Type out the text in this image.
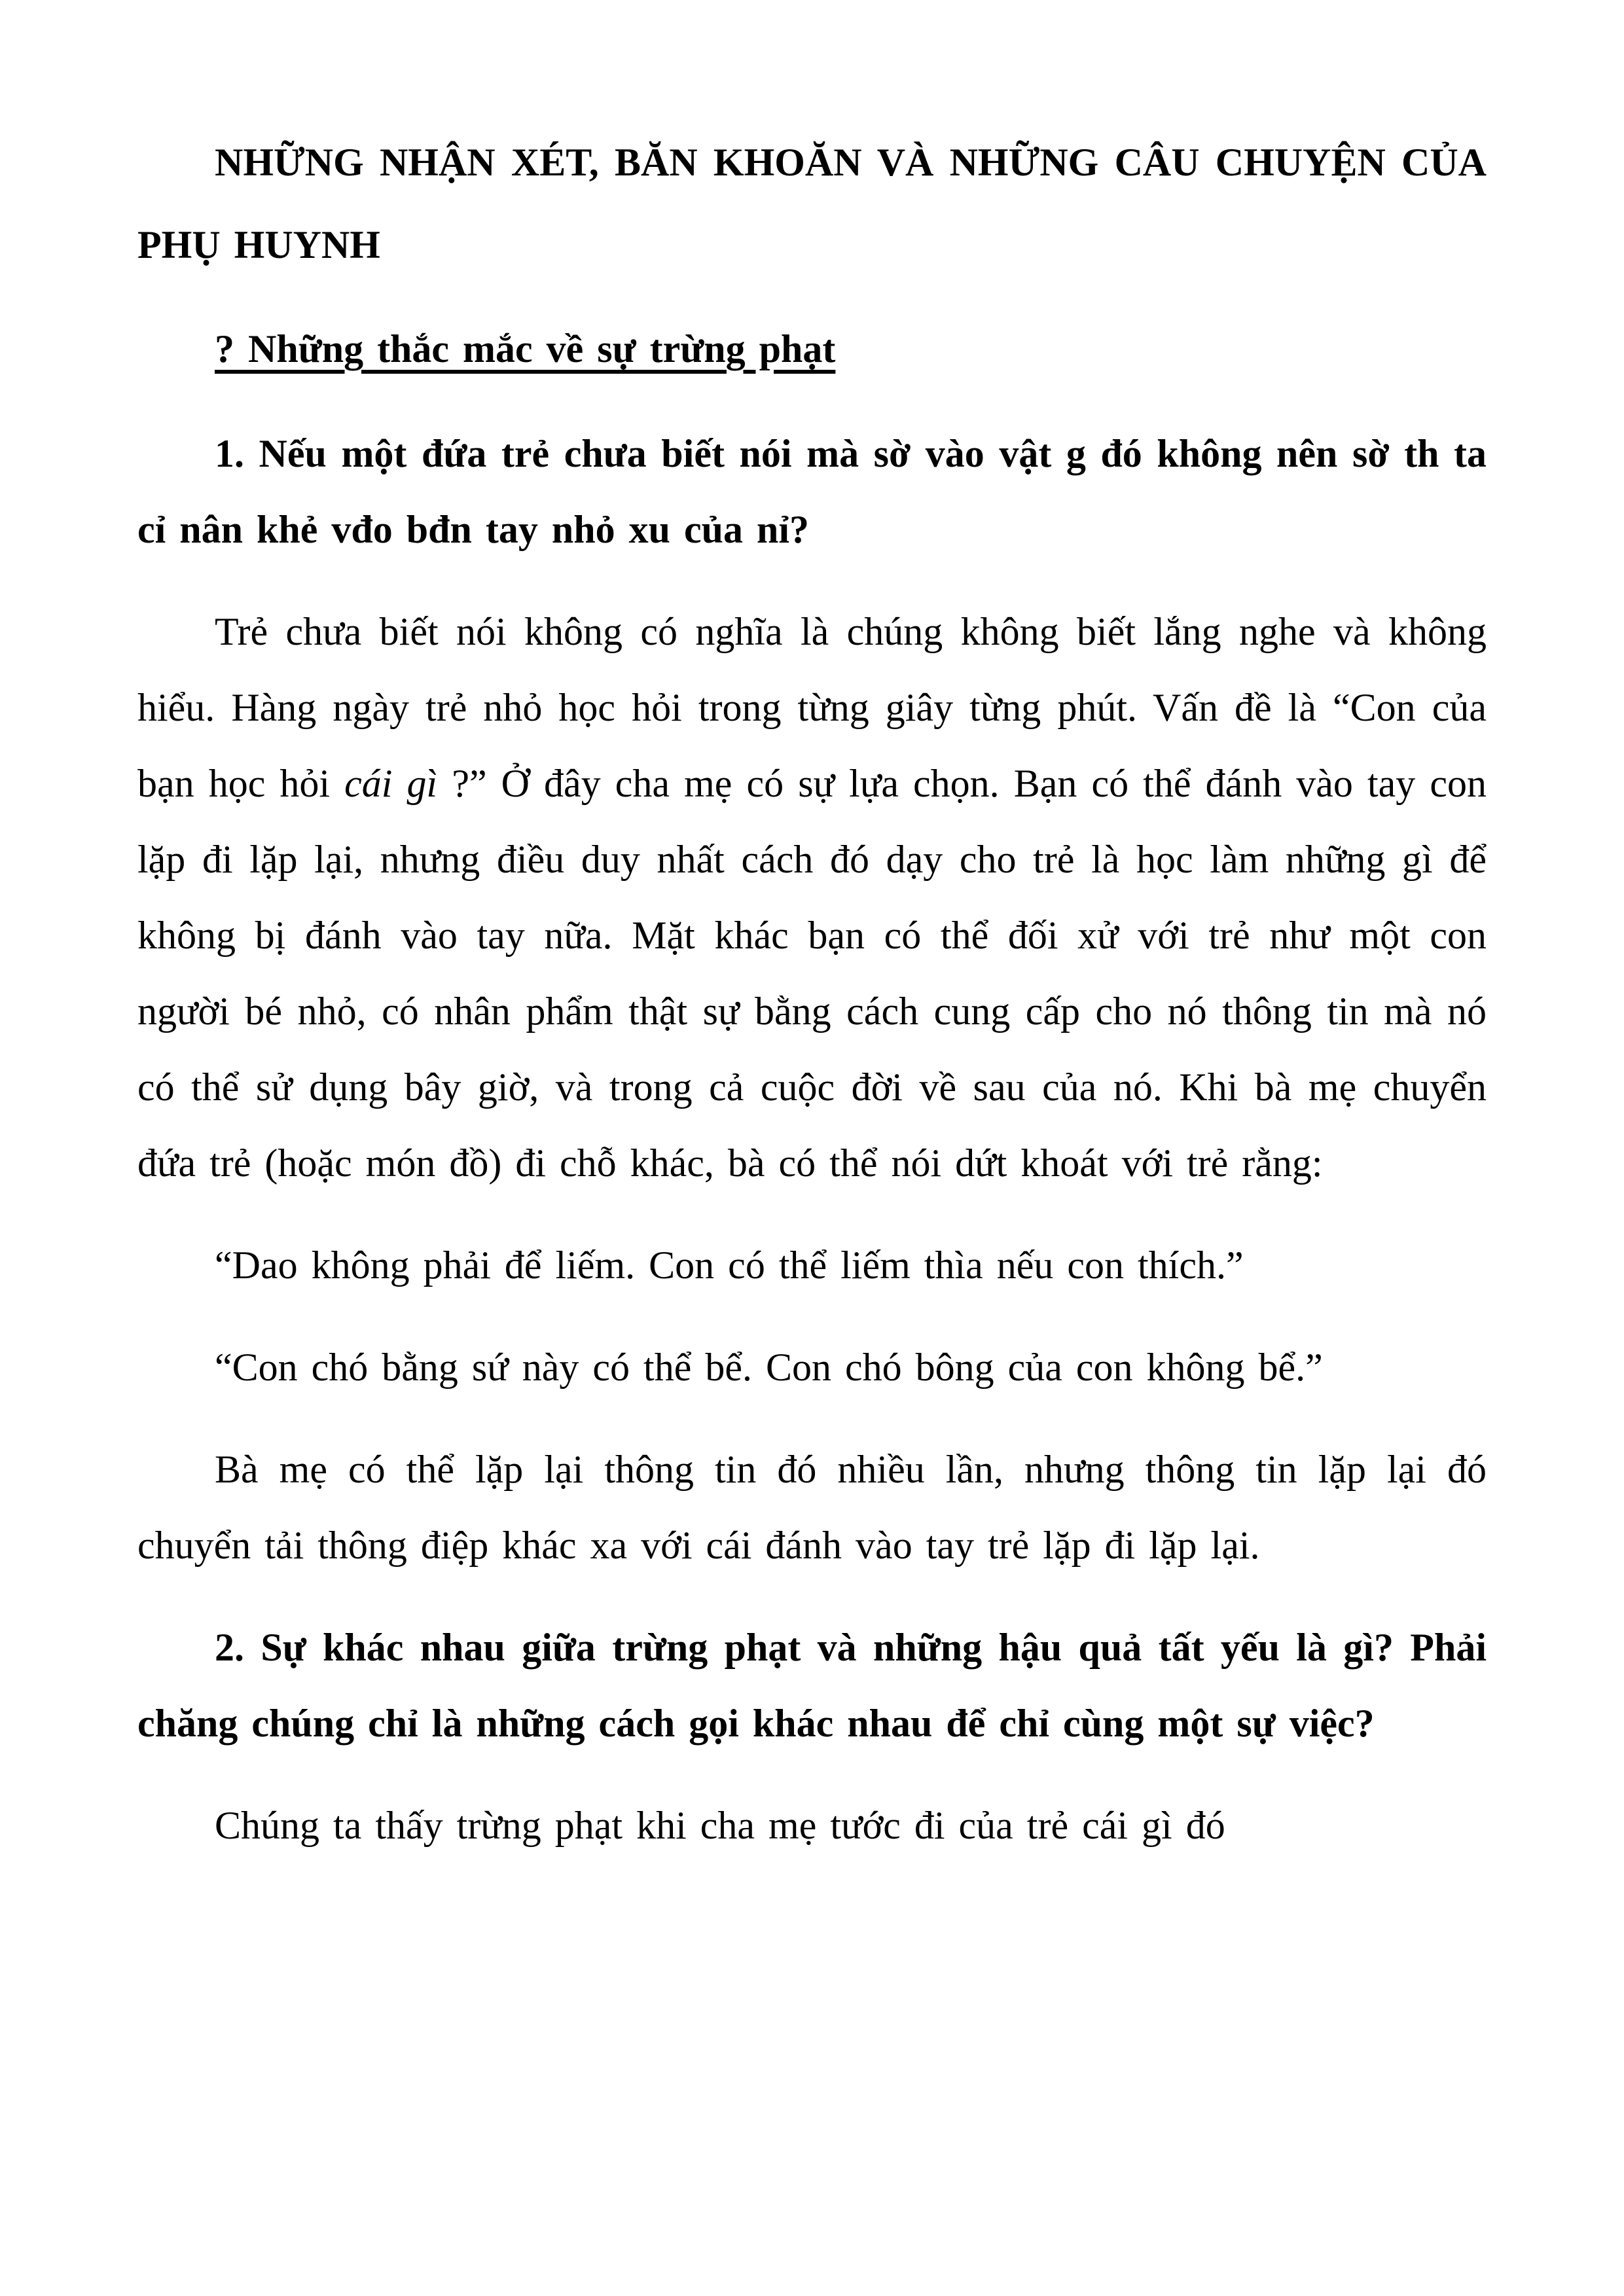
NHỮNG NHẬN XÉT, BĂN KHOĂN VÀ NHỮNG CÂU CHUYỆN CỦA PHỤ HUYNH

? Những thắc mắc về sự trừng phạt

1. Nếu một đứa trẻ chưa biết nói mà sờ vào vật g đó không nên sờ th ta cỉ nân khẻ vđo bđn tay nhỏ xu của nỉ?

Trẻ chưa biết nói không có nghĩa là chúng không biết lắng nghe và không hiểu. Hàng ngày trẻ nhỏ học hỏi trong từng giây từng phút. Vấn đề là “Con của bạn học hỏi cái gì ?” Ở đây cha mẹ có sự lựa chọn. Bạn có thể đánh vào tay con lặp đi lặp lại, nhưng điều duy nhất cách đó dạy cho trẻ là học làm những gì để không bị đánh vào tay nữa. Mặt khác bạn có thể đối xử với trẻ như một con người bé nhỏ, có nhân phẩm thật sự bằng cách cung cấp cho nó thông tin mà nó có thể sử dụng bây giờ, và trong cả cuộc đời về sau của nó. Khi bà mẹ chuyển đứa trẻ (hoặc món đồ) đi chỗ khác, bà có thể nói dứt khoát với trẻ rằng:

“Dao không phải để liếm. Con có thể liếm thìa nếu con thích.”

“Con chó bằng sứ này có thể bể. Con chó bông của con không bể.”

Bà mẹ có thể lặp lại thông tin đó nhiều lần, nhưng thông tin lặp lại đó chuyển tải thông điệp khác xa với cái đánh vào tay trẻ lặp đi lặp lại.

2. Sự khác nhau giữa trừng phạt và những hậu quả tất yếu là gì? Phải chăng chúng chỉ là những cách gọi khác nhau để chỉ cùng một sự việc?

Chúng ta thấy trừng phạt khi cha mẹ tước đi của trẻ cái gì đó
